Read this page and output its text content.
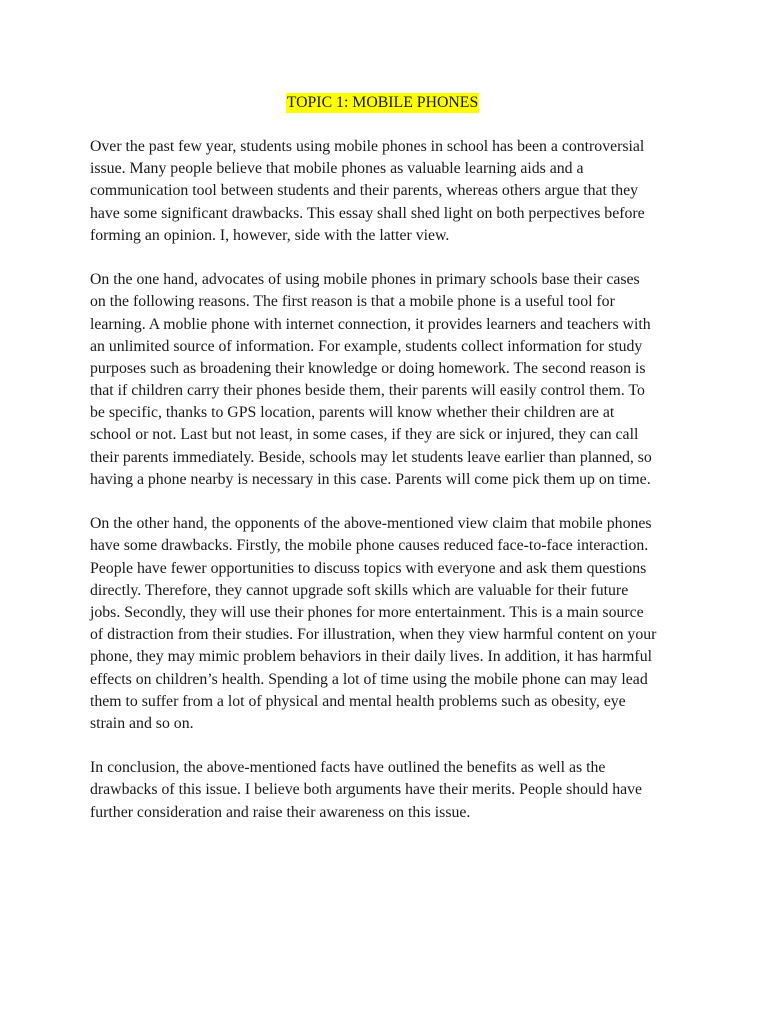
TOPIC 1: MOBILE PHONES
Over the past few year, students using mobile phones in school has been a controversial
issue. Many people believe that mobile phones as valuable learning aids and a
communication tool between students and their parents, whereas others argue that they
have some significant drawbacks. This essay shall shed light on both perpectives before
forming an opinion. I, however, side with the latter view.
On the one hand, advocates of using mobile phones in primary schools base their cases
on the following reasons. The first reason is that a mobile phone is a useful tool for
learning. A moblie phone with internet connection, it provides learners and teachers with
an unlimited source of information. For example, students collect information for study
purposes such as broadening their knowledge or doing homework. The second reason is
that if children carry their phones beside them, their parents will easily control them. To
be specific, thanks to GPS location, parents will know whether their children are at
school or not. Last but not least, in some cases, if they are sick or injured, they can call
their parents immediately. Beside, schools may let students leave earlier than planned, so
having a phone nearby is necessary in this case. Parents will come pick them up on time.
On the other hand, the opponents of the above-mentioned view claim that mobile phones
have some drawbacks. Firstly, the mobile phone causes reduced face-to-face interaction.
People have fewer opportunities to discuss topics with everyone and ask them questions
directly. Therefore, they cannot upgrade soft skills which are valuable for their future
jobs. Secondly, they will use their phones for more entertainment. This is a main source
of distraction from their studies. For illustration, when they view harmful content on your
phone, they may mimic problem behaviors in their daily lives. In addition, it has harmful
effects on children’s health. Spending a lot of time using the mobile phone can may lead
them to suffer from a lot of physical and mental health problems such as obesity, eye
strain and so on.
In conclusion, the above-mentioned facts have outlined the benefits as well as the
drawbacks of this issue. I believe both arguments have their merits. People should have
further consideration and raise their awareness on this issue.
